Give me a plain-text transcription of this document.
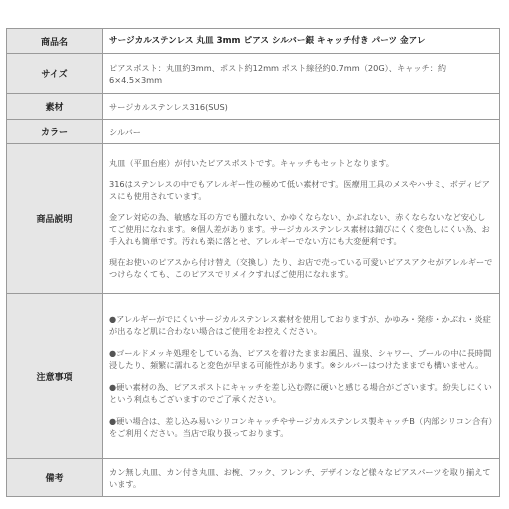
商品名	サージカルステンレス 丸皿 3mm ピアス シルバー銀 キャッチ付き パーツ 金アレ
サイズ	ピアスポスト：丸皿約3mm、ポスト約12mm ポスト線径約0.7mm（20G）、キャッチ：約6×4.5×3mm
素材	サージカルステンレス316(SUS)
カラー	シルバー
商品説明	丸皿（平皿台座）が付いたピアスポストです。キャッチもセットとなります。
316はステンレスの中でもアレルギー性の極めて低い素材です。医療用工具のメスやハサミ、ボディピアスにも使用されています。
金アレ対応の為、敏感な耳の方でも腫れない、かゆくならない、かぶれない、赤くならないなど安心してご使用になれます。※個人差があります。サージカルステンレス素材は錆びにくく変色しにくい為、お手入れも簡単です。汚れも楽に落とせ、アレルギーでない方にも大変便利です。
現在お使いのピアスから付け替え（交換し）たり、お店で売っている可愛いピアスアクセがアレルギーでつけらなくても、このピアスでリメイクすればご使用になれます。

注意事項	●アレルギーがでにくいサージカルステンレス素材を使用しておりますが、かゆみ・発疹・かぶれ・炎症が出るなど肌に合わない場合はご使用をお控えください。
●ゴールドメッキ処理をしている為、ピアスを着けたままお風呂、温泉、シャワー、プールの中に長時間浸したり、頻繁に濡れると変色が早まる可能性があります。※シルバーはつけたままでも構いません。
●硬い素材の為、ピアスポストにキャッチを差し込む際に硬いと感じる場合がございます。紛失しにくいという利点もございますのでご了承ください。
●硬い場合は、差し込み易いシリコンキャッチやサージカルステンレス製キャッチB（内部シリコン合有）をご利用ください。当店で取り扱っております。

備考	カン無し丸皿、カン付き丸皿、お椀、フック、フレンチ、デザインなど様々なピアスパーツを取り揃えています。
